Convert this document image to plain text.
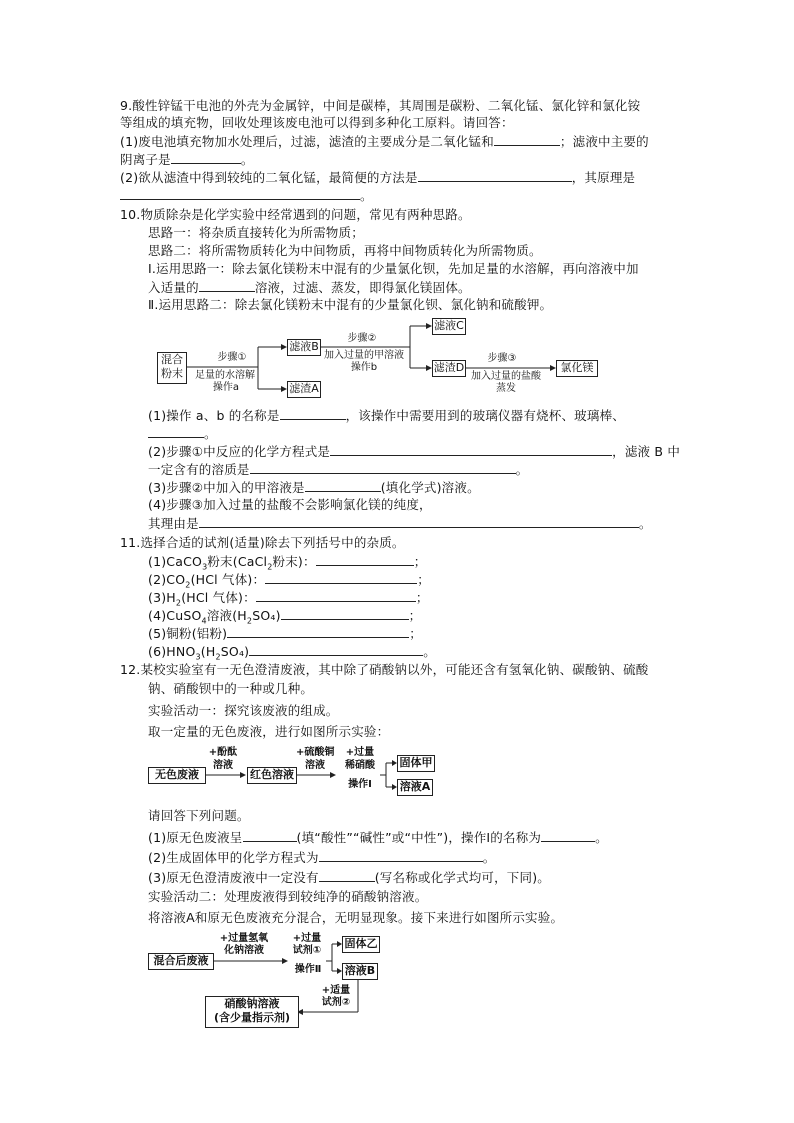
9.酸性锌锰干电池的外壳为金属锌，中间是碳棒，其周围是碳粉、二氧化锰、氯化锌和氯化铵
等组成的填充物，回收处理该废电池可以得到多种化工原料。请回答：
(1)废电池填充物加水处理后，过滤，滤渣的主要成分是二氧化锰和	；滤液中主要的
阴离子是	。
(2)欲从滤渣中得到较纯的二氧化锰，最简便的方法是	，其原理是
。
10.物质除杂是化学实验中经常遇到的问题，常见有两种思路。
思路一：将杂质直接转化为所需物质；
思路二：将所需物质转化为中间物质，再将中间物质转化为所需物质。
Ⅰ.运用思路一：除去氯化镁粉末中混有的少量氯化钡，先加足量的水溶解，再向溶液中加
入适量的	溶液，过滤、蒸发，即得氯化镁固体。
Ⅱ.运用思路二：除去氯化镁粉末中混有的少量氯化钡、氯化钠和硫酸钾。
混合
粉末
步骤①
足量的水溶解
操作a
滤液B
滤渣A
步骤②
加入过量的甲溶液
操作b
滤液C
滤渣D
步骤③
加入过量的盐酸
蒸发
氯化镁
(1)操作 a、b 的名称是	，该操作中需要用到的玻璃仪器有烧杯、玻璃棒、
。
(2)步骤①中反应的化学方程式是	，滤液 B 中
一定含有的溶质是	。
(3)步骤②中加入的甲溶液是	(填化学式)溶液。
(4)步骤③加入过量的盐酸不会影响氯化镁的纯度，
其理由是	。
11.选择合适的试剂(适量)除去下列括号中的杂质。
(1)CaCO$_3$粉末(CaCl$_2$粉末)：	；
$(2)CO_2(HCl$ 气体)：	；
$(3)H_2(HCl$ 气体)：	；
(4)CuSO$_4$溶液$(H_2SO_4)$	；
(5)铜粉(铝粉)	；
$(6)HNO_3(H_2SO_4)$	。
12.某校实验室有一无色澄清废液，其中除了硝酸钠以外，可能还含有氢氧化钠、碳酸钠、硫酸
钠、硝酸钡中的一种或几种。
实验活动一：探究该废液的组成。
取一定量的无色废液，进行如图所示实验：
无色废液
+酚酞
溶液
红色溶液
+硫酸铜
溶液
+过量
稀硝酸
操作Ⅰ
固体甲
溶液A
请回答下列问题。
(1)原无色废液呈	(填“酸性”“碱性”或“中性”)，操作Ⅰ的名称为	。
(2)生成固体甲的化学方程式为	。
(3)原无色澄清废液中一定没有	(写名称或化学式均可，下同)。
实验活动二：处理废液得到较纯净的硝酸钠溶液。
将溶液A和原无色废液充分混合，无明显现象。接下来进行如图所示实验。
混合后废液
+过量氢氧
化钠溶液
+过量
试剂①
操作Ⅱ
固体乙
溶液B
+适量
试剂②
硝酸钠溶液
(含少量指示剂)
